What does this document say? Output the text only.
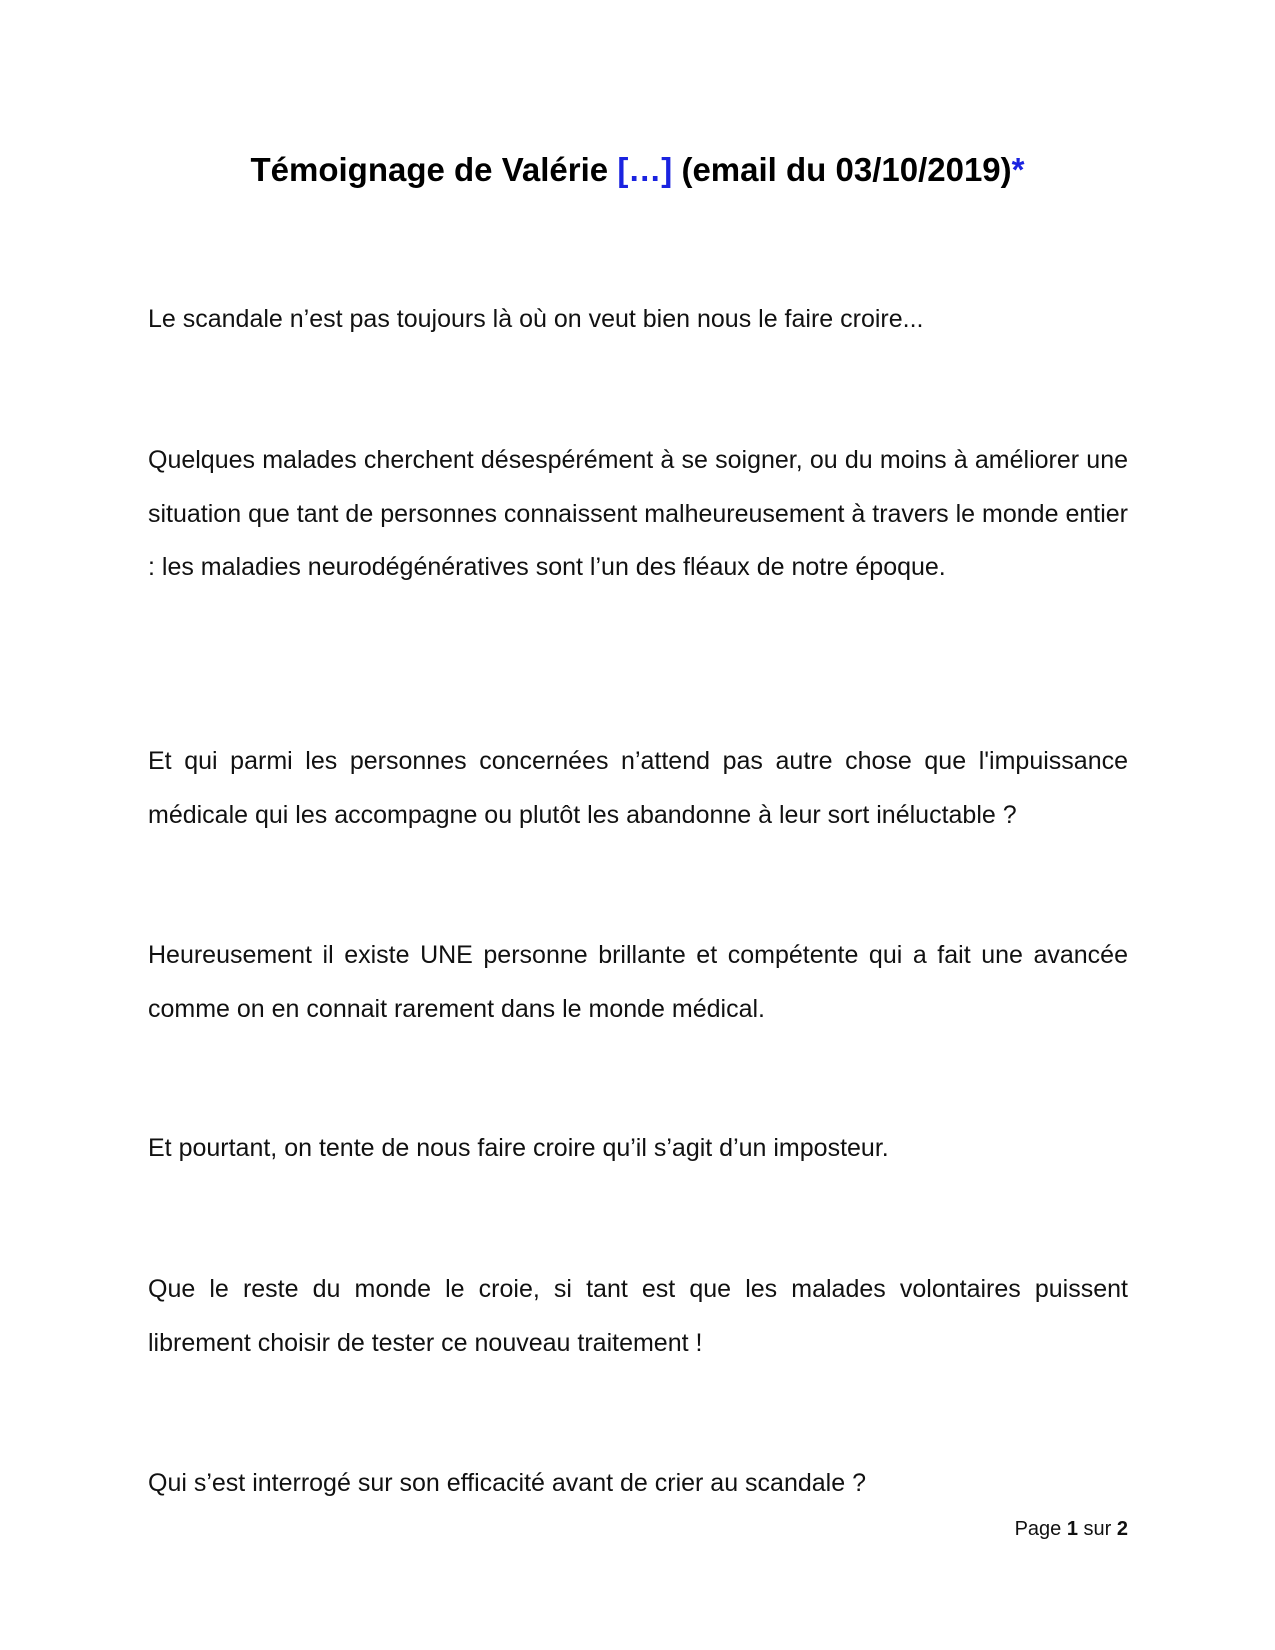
Témoignage de Valérie […] (email du 03/10/2019)*

Le scandale n’est pas toujours là où on veut bien nous le faire croire...

Quelques malades cherchent désespérément à se soigner, ou du moins à améliorer une situation que tant de personnes connaissent malheureusement à travers le monde entier : les maladies neurodégénératives sont l’un des fléaux de notre époque.

Et qui parmi les personnes concernées n’attend pas autre chose que l'impuissance médicale qui les accompagne ou plutôt les abandonne à leur sort inéluctable ?

Heureusement il existe UNE personne brillante et compétente qui a fait une avancée comme on en connait rarement dans le monde médical.

Et pourtant, on tente de nous faire croire qu’il s’agit d’un imposteur.

Que le reste du monde le croie, si tant est que les malades volontaires puissent librement choisir de tester ce nouveau traitement !

Qui s’est interrogé sur son efficacité avant de crier au scandale ?

Page 1 sur 2
